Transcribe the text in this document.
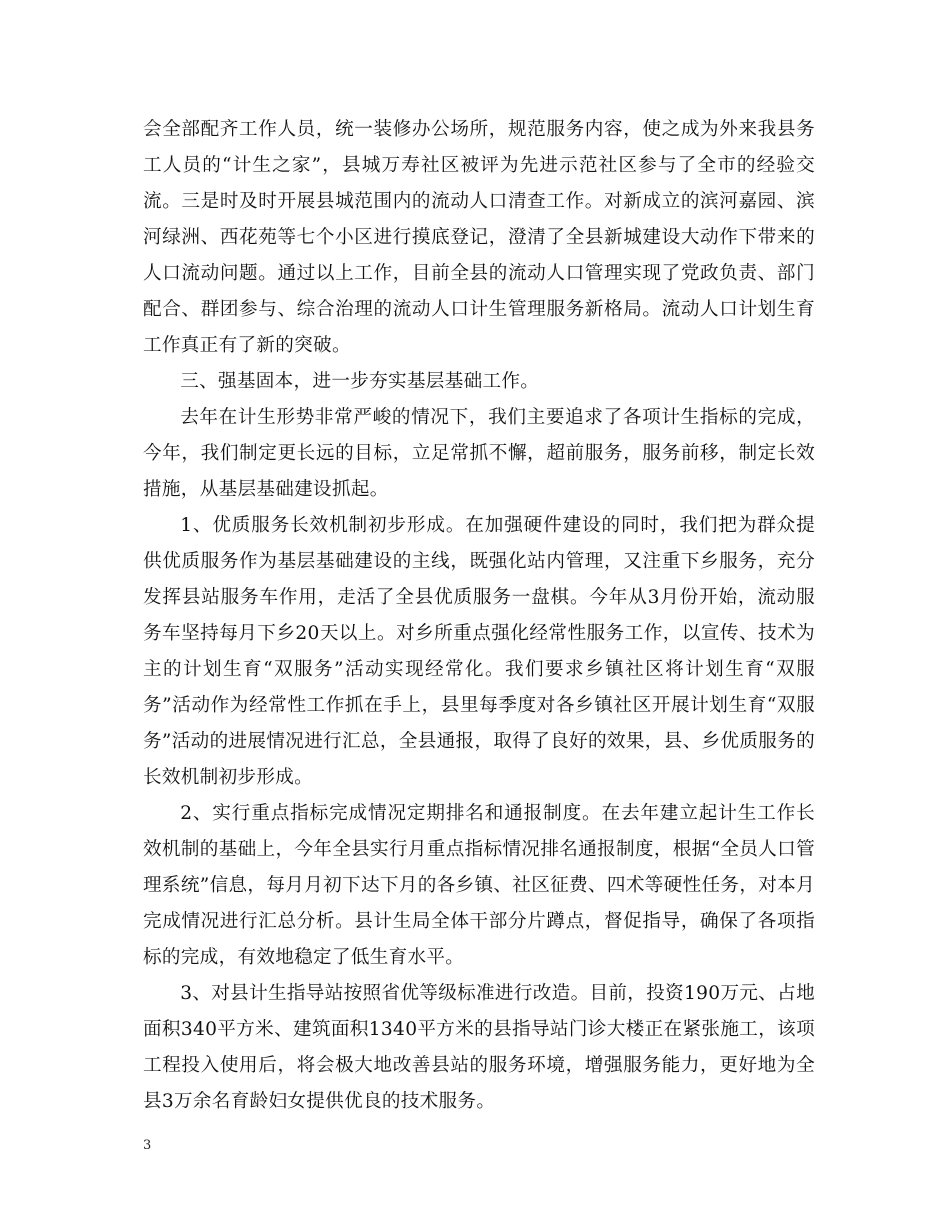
会全部配齐工作人员，统一装修办公场所，规范服务内容，使之成为外来我县务工人员的“计生之家”，县城万寿社区被评为先进示范社区参与了全市的经验交流。三是时及时开展县城范围内的流动人口清查工作。对新成立的滨河嘉园、滨河绿洲、西花苑等七个小区进行摸底登记，澄清了全县新城建设大动作下带来的人口流动问题。通过以上工作，目前全县的流动人口管理实现了党政负责、部门配合、群团参与、综合治理的流动人口计生管理服务新格局。流动人口计划生育工作真正有了新的突破。

三、强基固本，进一步夯实基层基础工作。

去年在计生形势非常严峻的情况下，我们主要追求了各项计生指标的完成，今年，我们制定更长远的目标，立足常抓不懈，超前服务，服务前移，制定长效措施，从基层基础建设抓起。

1、优质服务长效机制初步形成。在加强硬件建设的同时，我们把为群众提供优质服务作为基层基础建设的主线，既强化站内管理，又注重下乡服务，充分发挥县站服务车作用，走活了全县优质服务一盘棋。今年从3月份开始，流动服务车坚持每月下乡20天以上。对乡所重点强化经常性服务工作，以宣传、技术为主的计划生育“双服务”活动实现经常化。我们要求乡镇社区将计划生育“双服务”活动作为经常性工作抓在手上，县里每季度对各乡镇社区开展计划生育“双服务”活动的进展情况进行汇总，全县通报，取得了良好的效果，县、乡优质服务的长效机制初步形成。

2、实行重点指标完成情况定期排名和通报制度。在去年建立起计生工作长效机制的基础上，今年全县实行月重点指标情况排名通报制度，根据“全员人口管理系统”信息，每月月初下达下月的各乡镇、社区征费、四术等硬性任务，对本月完成情况进行汇总分析。县计生局全体干部分片蹲点，督促指导，确保了各项指标的完成，有效地稳定了低生育水平。

3、对县计生指导站按照省优等级标准进行改造。目前，投资190万元、占地面积340平方米、建筑面积1340平方米的县指导站门诊大楼正在紧张施工，该项工程投入使用后，将会极大地改善县站的服务环境，增强服务能力，更好地为全县3万余名育龄妇女提供优良的技术服务。

3
